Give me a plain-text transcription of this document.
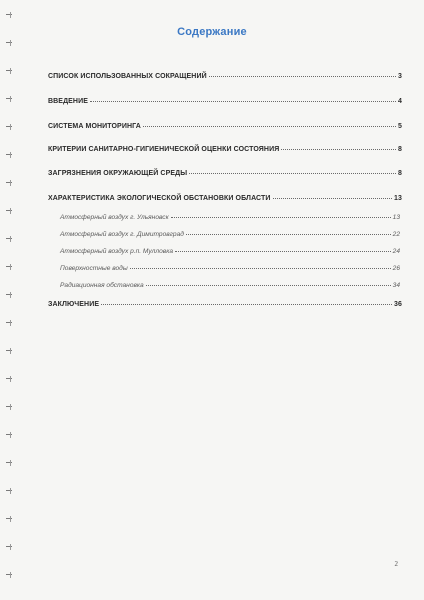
Содержание
СПИСОК ИСПОЛЬЗОВАННЫХ СОКРАЩЕНИЙ	3
ВВЕДЕНИЕ	4
СИСТЕМА МОНИТОРИНГА	5
КРИТЕРИИ САНИТАРНО-ГИГИЕНИЧЕСКОЙ ОЦЕНКИ СОСТОЯНИЯ	8
ЗАГРЯЗНЕНИЯ ОКРУЖАЮЩЕЙ СРЕДЫ	8
ХАРАКТЕРИСТИКА ЭКОЛОГИЧЕСКОЙ ОБСТАНОВКИ ОБЛАСТИ	13
Атмосферный воздух г. Ульяновск	13
Атмосферный воздух г. Димитровград	22
Атмосферный воздух р.п. Мулловка	24
Поверхностные воды	26
Радиационная обстановка	34
ЗАКЛЮЧЕНИЕ	36
2
